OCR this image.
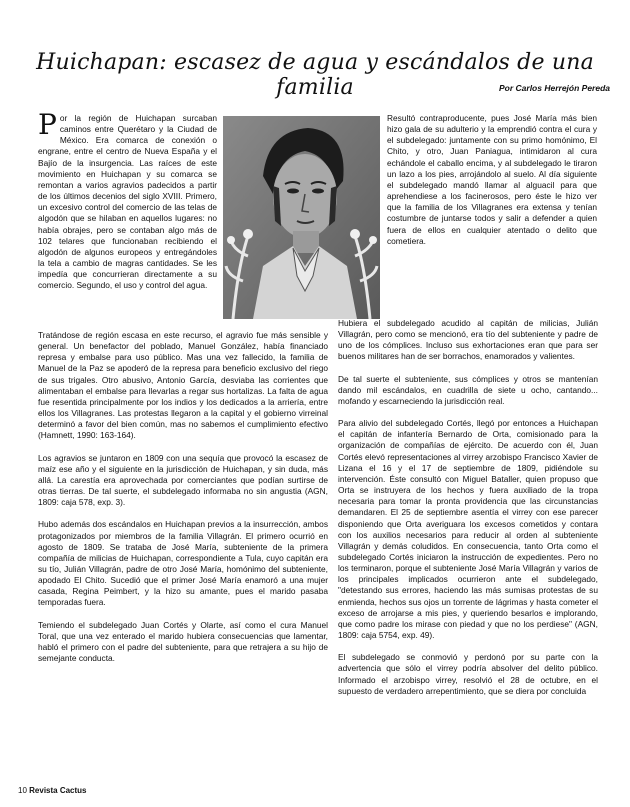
Huichapan: escasez de agua y escándalos de una familia	Por Carlos Herrejón Pereda

Por la región de Huichapan surcaban caminos entre Querétaro y la Ciudad de México. Era comarca de conexión o engrane, entre el centro de Nueva España y el Bajío de la insurgencia. Las raíces de este movimiento en Huichapan y su comarca se remontan a varios agravios padecidos a partir de los últimos decenios del siglo XVIII. Primero, un excesivo control del comercio de las telas de algodón que se hilaban en aquellos lugares: no había obrajes, pero se contaban algo más de 102 telares que funcionaban recibiendo el algodón de algunos europeos y entregándoles la tela a cambio de magras cantidades. Se les impedía que concurrieran directamente a su comercio. Segundo, el uso y control del agua.

Tratándose de región escasa en este recurso, el agravio fue más sensible y general. Un benefactor del poblado, Manuel González, había financiado represa y embalse para uso público. Mas una vez fallecido, la familia de Manuel de la Paz se apoderó de la represa para beneficio exclusivo del riego de sus trigales. Otro abusivo, Antonio García, desviaba las corrientes que alimentaban el embalse para llevarlas a regar sus hortalizas. La falta de agua fue resentida principalmente por los indios y los dedicados a la arriería, entre ellos los Villagranes. Las protestas llegaron a la capital y el gobierno virreinal determinó a favor del bien común, mas no sabemos el cumplimiento efectivo (Hamnett, 1990: 163-164).

Los agravios se juntaron en 1809 con una sequía que provocó la escasez de maíz ese año y el siguiente en la jurisdicción de Huichapan, y sin duda, más allá. La carestía era aprovechada por comerciantes que podían surtirse de otras tierras. De tal suerte, el subdelegado informaba no sin angustia (AGN, 1809: caja 578, exp. 3).

Hubo además dos escándalos en Huichapan previos a la insurrección, ambos protagonizados por miembros de la familia Villagrán. El primero ocurrió en agosto de 1809. Se trataba de José María, subteniente de la primera compañía de milicias de Huichapan, correspondiente a Tula, cuyo capitán era su tío, Julián Villagrán, padre de otro José María, homónimo del subteniente, apodado El Chito. Sucedió que el primer José María enamoró a una mujer casada, Regina Peimbert, y la hizo su amante, pues el marido pasaba temporadas fuera.

Temiendo el subdelegado Juan Cortés y Olarte, así como el cura Manuel Toral, que una vez enterado el marido hubiera consecuencias que lamentar, habló el primero con el padre del subteniente, para que retrajera a su hijo de semejante conducta.

Resultó contraproducente, pues José María más bien hizo gala de su adulterio y la emprendió contra el cura y el subdelegado: juntamente con su primo homónimo, El Chito, y otro, Juan Paniagua, intimidaron al cura echándole el caballo encima, y al subdelegado le tiraron un lazo a los pies, arrojándolo al suelo. Al día siguiente el subdelegado mandó llamar al alguacil para que aprehendiese a los facinerosos, pero éste le hizo ver que la familia de los Villagranes era extensa y tenían costumbre de juntarse todos y salir a defender a quien fuera de ellos en cualquier atentado o delito que cometiera.

Hubiera el subdelegado acudido al capitán de milicias, Julián Villagrán, pero como se mencionó, era tío del subteniente y padre de uno de los cómplices. Incluso sus exhortaciones eran que para ser buenos militares han de ser borrachos, enamorados y valientes.

De tal suerte el subteniente, sus cómplices y otros se mantenían dando mil escándalos, en cuadrilla de siete u ocho, cantando... mofando y escarneciendo la jurisdicción real.

Para alivio del subdelegado Cortés, llegó por entonces a Huichapan el capitán de infantería Bernardo de Orta, comisionado para la organización de compañías de ejército. De acuerdo con él, Juan Cortés elevó representaciones al virrey arzobispo Francisco Xavier de Lizana el 16 y el 17 de septiembre de 1809, pidiéndole su intervención. Éste consultó con Miguel Bataller, quien propuso que Orta se instruyera de los hechos y fuera auxiliado de la tropa necesaria para tomar la pronta providencia que las circunstancias demandaren. El 25 de septiembre asentía el virrey con ese parecer disponiendo que Orta averiguara los excesos cometidos y contara con los auxilios necesarios para reducir al orden al subteniente Villagrán y demás coludidos. En consecuencia, tanto Orta como el subdelegado Cortés iniciaron la instrucción de expedientes. Pero no los terminaron, porque el subteniente José María Villagrán y varios de los principales implicados ocurrieron ante el subdelegado, "detestando sus errores, haciendo las más sumisas protestas de su enmienda, hechos sus ojos un torrente de lágrimas y hasta cometer el exceso de arrojarse a mis pies, y queriendo besarlos e implorando, que como padre los mirase con piedad y que no los perdiese" (AGN, 1809: caja 5754, exp. 49).

El subdelegado se conmovió y perdonó por su parte con la advertencia que sólo el virrey podría absolver del delito público. Informado el arzobispo virrey, resolvió el 28 de octubre, en el supuesto de verdadero arrepentimiento, que se diera por concluida

10 Revista Cactus
